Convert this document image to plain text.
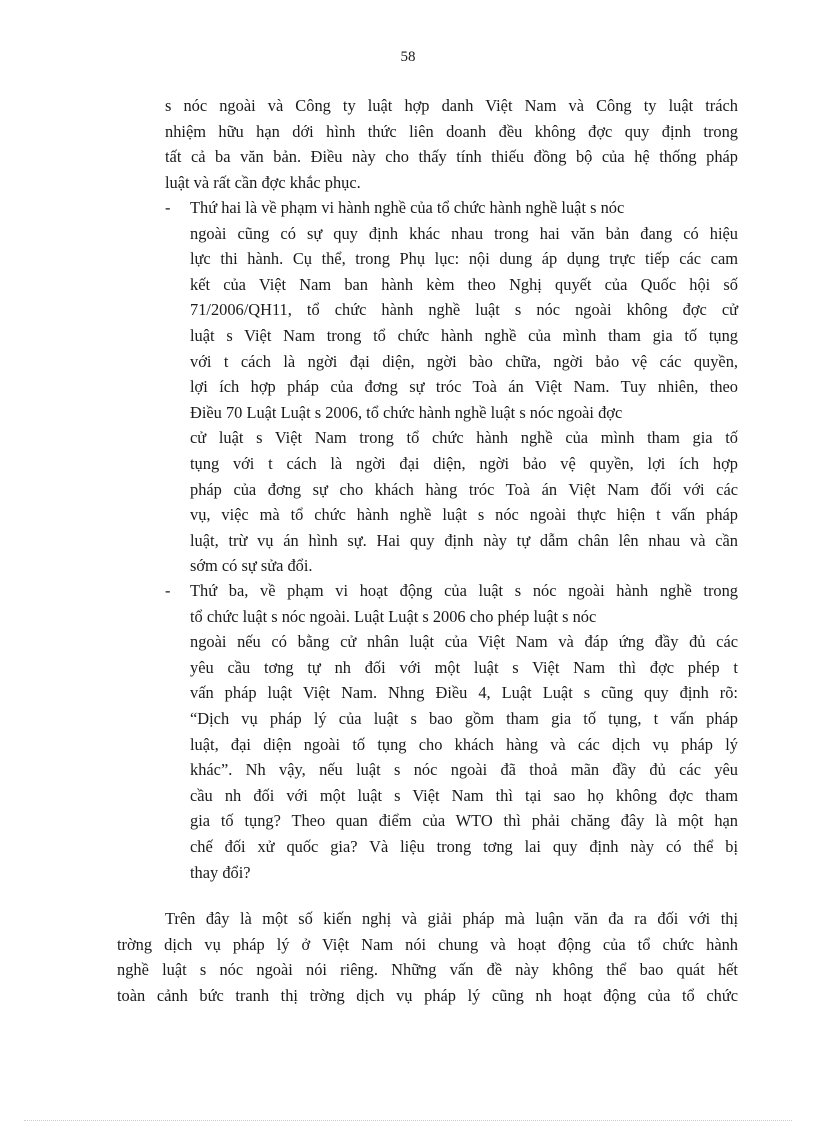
58
s nóc ngoài và Công ty luật hợp danh Việt Nam và Công ty luật trách
nhiệm hữu hạn dới hình thức liên doanh đều không đợc quy định trong
tất cả ba văn bản. Điều này cho thấy tính thiếu đồng bộ của hệ thống pháp
luật và rất cần đợc khắc phục.
-	Thứ hai là về phạm vi hành nghề của tổ chức hành nghề luật s nóc
ngoài cũng có sự quy định khác nhau trong hai văn bản đang có hiệu
lực thi hành. Cụ thể, trong Phụ lục: nội dung áp dụng trực tiếp các cam
kết của Việt Nam ban hành kèm theo Nghị quyết của Quốc hội số
71/2006/QH11, tổ chức hành nghề luật s nóc ngoài không đợc cử
luật s Việt Nam trong tổ chức hành nghề của mình tham gia tố tụng
với t cách là ngời đại diện, ngời bào chữa, ngời bảo vệ các quyền,
lợi ích hợp pháp của đơng sự tróc Toà án Việt Nam. Tuy nhiên, theo
Điều 70 Luật Luật s 2006, tổ chức hành nghề luật s nóc ngoài đợc
cử luật s Việt Nam trong tổ chức hành nghề của mình tham gia tố
tụng với t cách là ngời đại diện, ngời bảo vệ quyền, lợi ích hợp
pháp của đơng sự cho khách hàng tróc Toà án Việt Nam đối với các
vụ, việc mà tổ chức hành nghề luật s nóc ngoài thực hiện t vấn pháp
luật, trừ vụ án hình sự. Hai quy định này tự dẫm chân lên nhau và cần
sớm có sự sửa đổi.
-	Thứ ba, về phạm vi hoạt động của luật s nóc ngoài hành nghề trong
tổ chức luật s nóc ngoài. Luật Luật s 2006 cho phép luật s nóc
ngoài nếu có bằng cử nhân luật của Việt Nam và đáp ứng đầy đủ các
yêu cầu tơng tự nh đối với một luật s Việt Nam thì đợc phép t
vấn pháp luật Việt Nam. Nhng Điều 4, Luật Luật s cũng quy định rõ:
“Dịch vụ pháp lý của luật s bao gồm tham gia tố tụng, t vấn pháp
luật, đại diện ngoài tố tụng cho khách hàng và các dịch vụ pháp lý
khác”. Nh vậy, nếu luật s nóc ngoài đã thoả mãn đầy đủ các yêu
cầu nh đối với một luật s Việt Nam thì tại sao họ không đợc tham
gia tố tụng? Theo quan điểm của WTO thì phải chăng đây là một hạn
chế đối xử quốc gia? Và liệu trong tơng lai quy định này có thể bị
thay đổi?
Trên đây là một số kiến nghị và giải pháp mà luận văn đa ra đối với thị
trờng dịch vụ pháp lý ở Việt Nam nói chung và hoạt động của tổ chức hành
nghề luật s nóc ngoài nói riêng. Những vấn đề này không thể bao quát hết
toàn cảnh bức tranh thị trờng dịch vụ pháp lý cũng nh hoạt động của tổ chức
